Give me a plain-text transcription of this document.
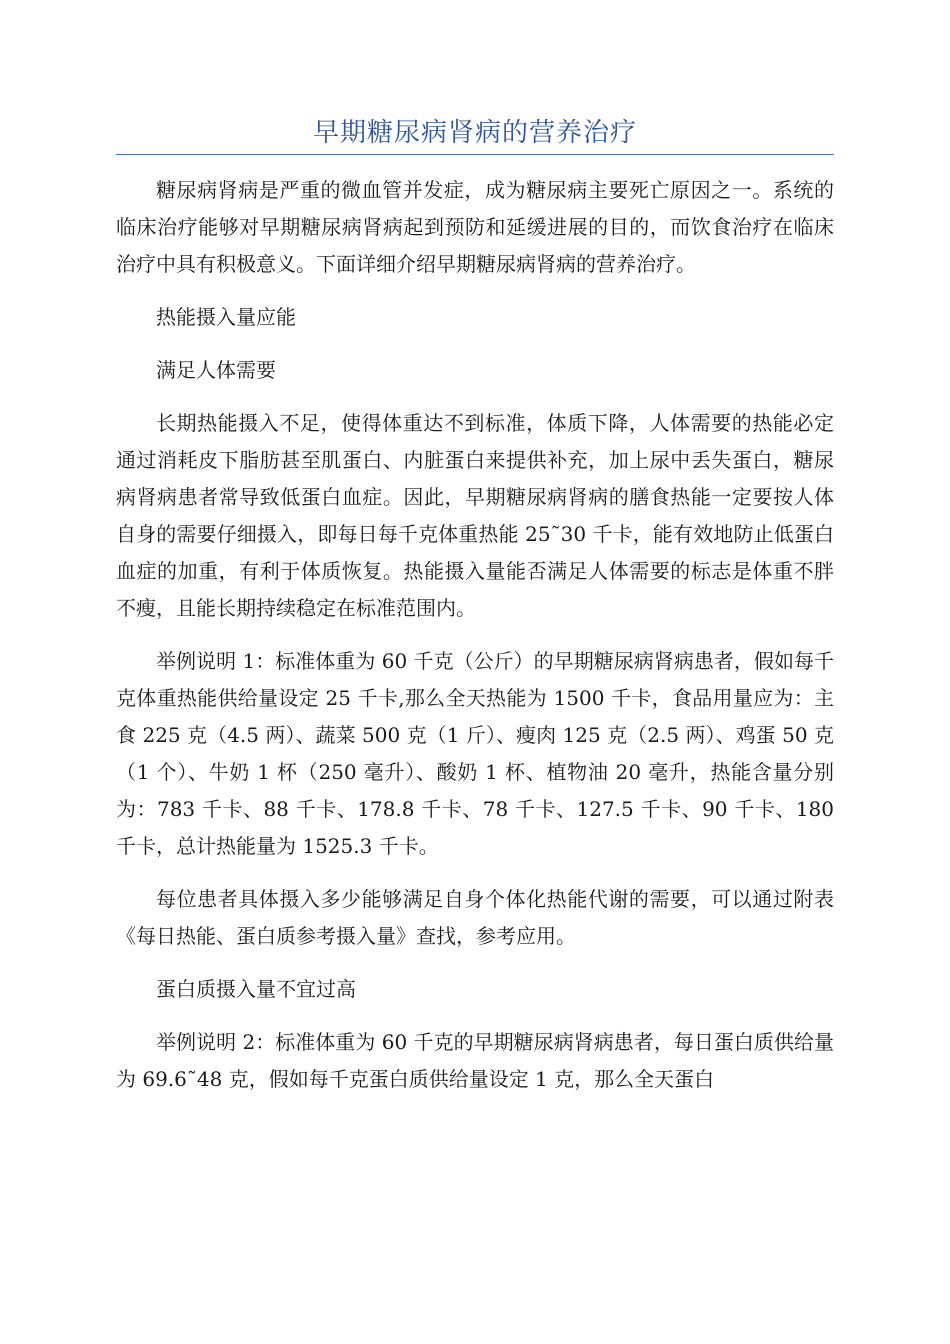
早期糖尿病肾病的营养治疗

糖尿病肾病是严重的微血管并发症，成为糖尿病主要死亡原因之一。系统的临床治疗能够对早期糖尿病肾病起到预防和延缓进展的目的，而饮食治疗在临床治疗中具有积极意义。下面详细介绍早期糖尿病肾病的营养治疗。

热能摄入量应能

满足人体需要

长期热能摄入不足，使得体重达不到标准，体质下降，人体需要的热能必定通过消耗皮下脂肪甚至肌蛋白、内脏蛋白来提供补充，加上尿中丢失蛋白，糖尿病肾病患者常导致低蛋白血症。因此，早期糖尿病肾病的膳食热能一定要按人体自身的需要仔细摄入，即每日每千克体重热能 25˜30 千卡，能有效地防止低蛋白血症的加重，有利于体质恢复。热能摄入量能否满足人体需要的标志是体重不胖不瘦，且能长期持续稳定在标准范围内。

举例说明 1：标准体重为 60 千克（公斤）的早期糖尿病肾病患者，假如每千克体重热能供给量设定 25 千卡,那么全天热能为 1500 千卡，食品用量应为：主食 225 克（4.5 两）、蔬菜 500 克（1 斤）、瘦肉 125 克（2.5 两）、鸡蛋 50 克（1 个）、牛奶 1 杯（250 毫升）、酸奶 1 杯、植物油 20 毫升，热能含量分别为：783 千卡、88 千卡、178.8 千卡、78 千卡、127.5 千卡、90 千卡、180 千卡，总计热能量为 1525.3 千卡。

每位患者具体摄入多少能够满足自身个体化热能代谢的需要，可以通过附表《每日热能、蛋白质参考摄入量》查找，参考应用。

蛋白质摄入量不宜过高

举例说明 2：标准体重为 60 千克的早期糖尿病肾病患者，每日蛋白质供给量为 69.6˜48 克，假如每千克蛋白质供给量设定 1 克，那么全天蛋白
